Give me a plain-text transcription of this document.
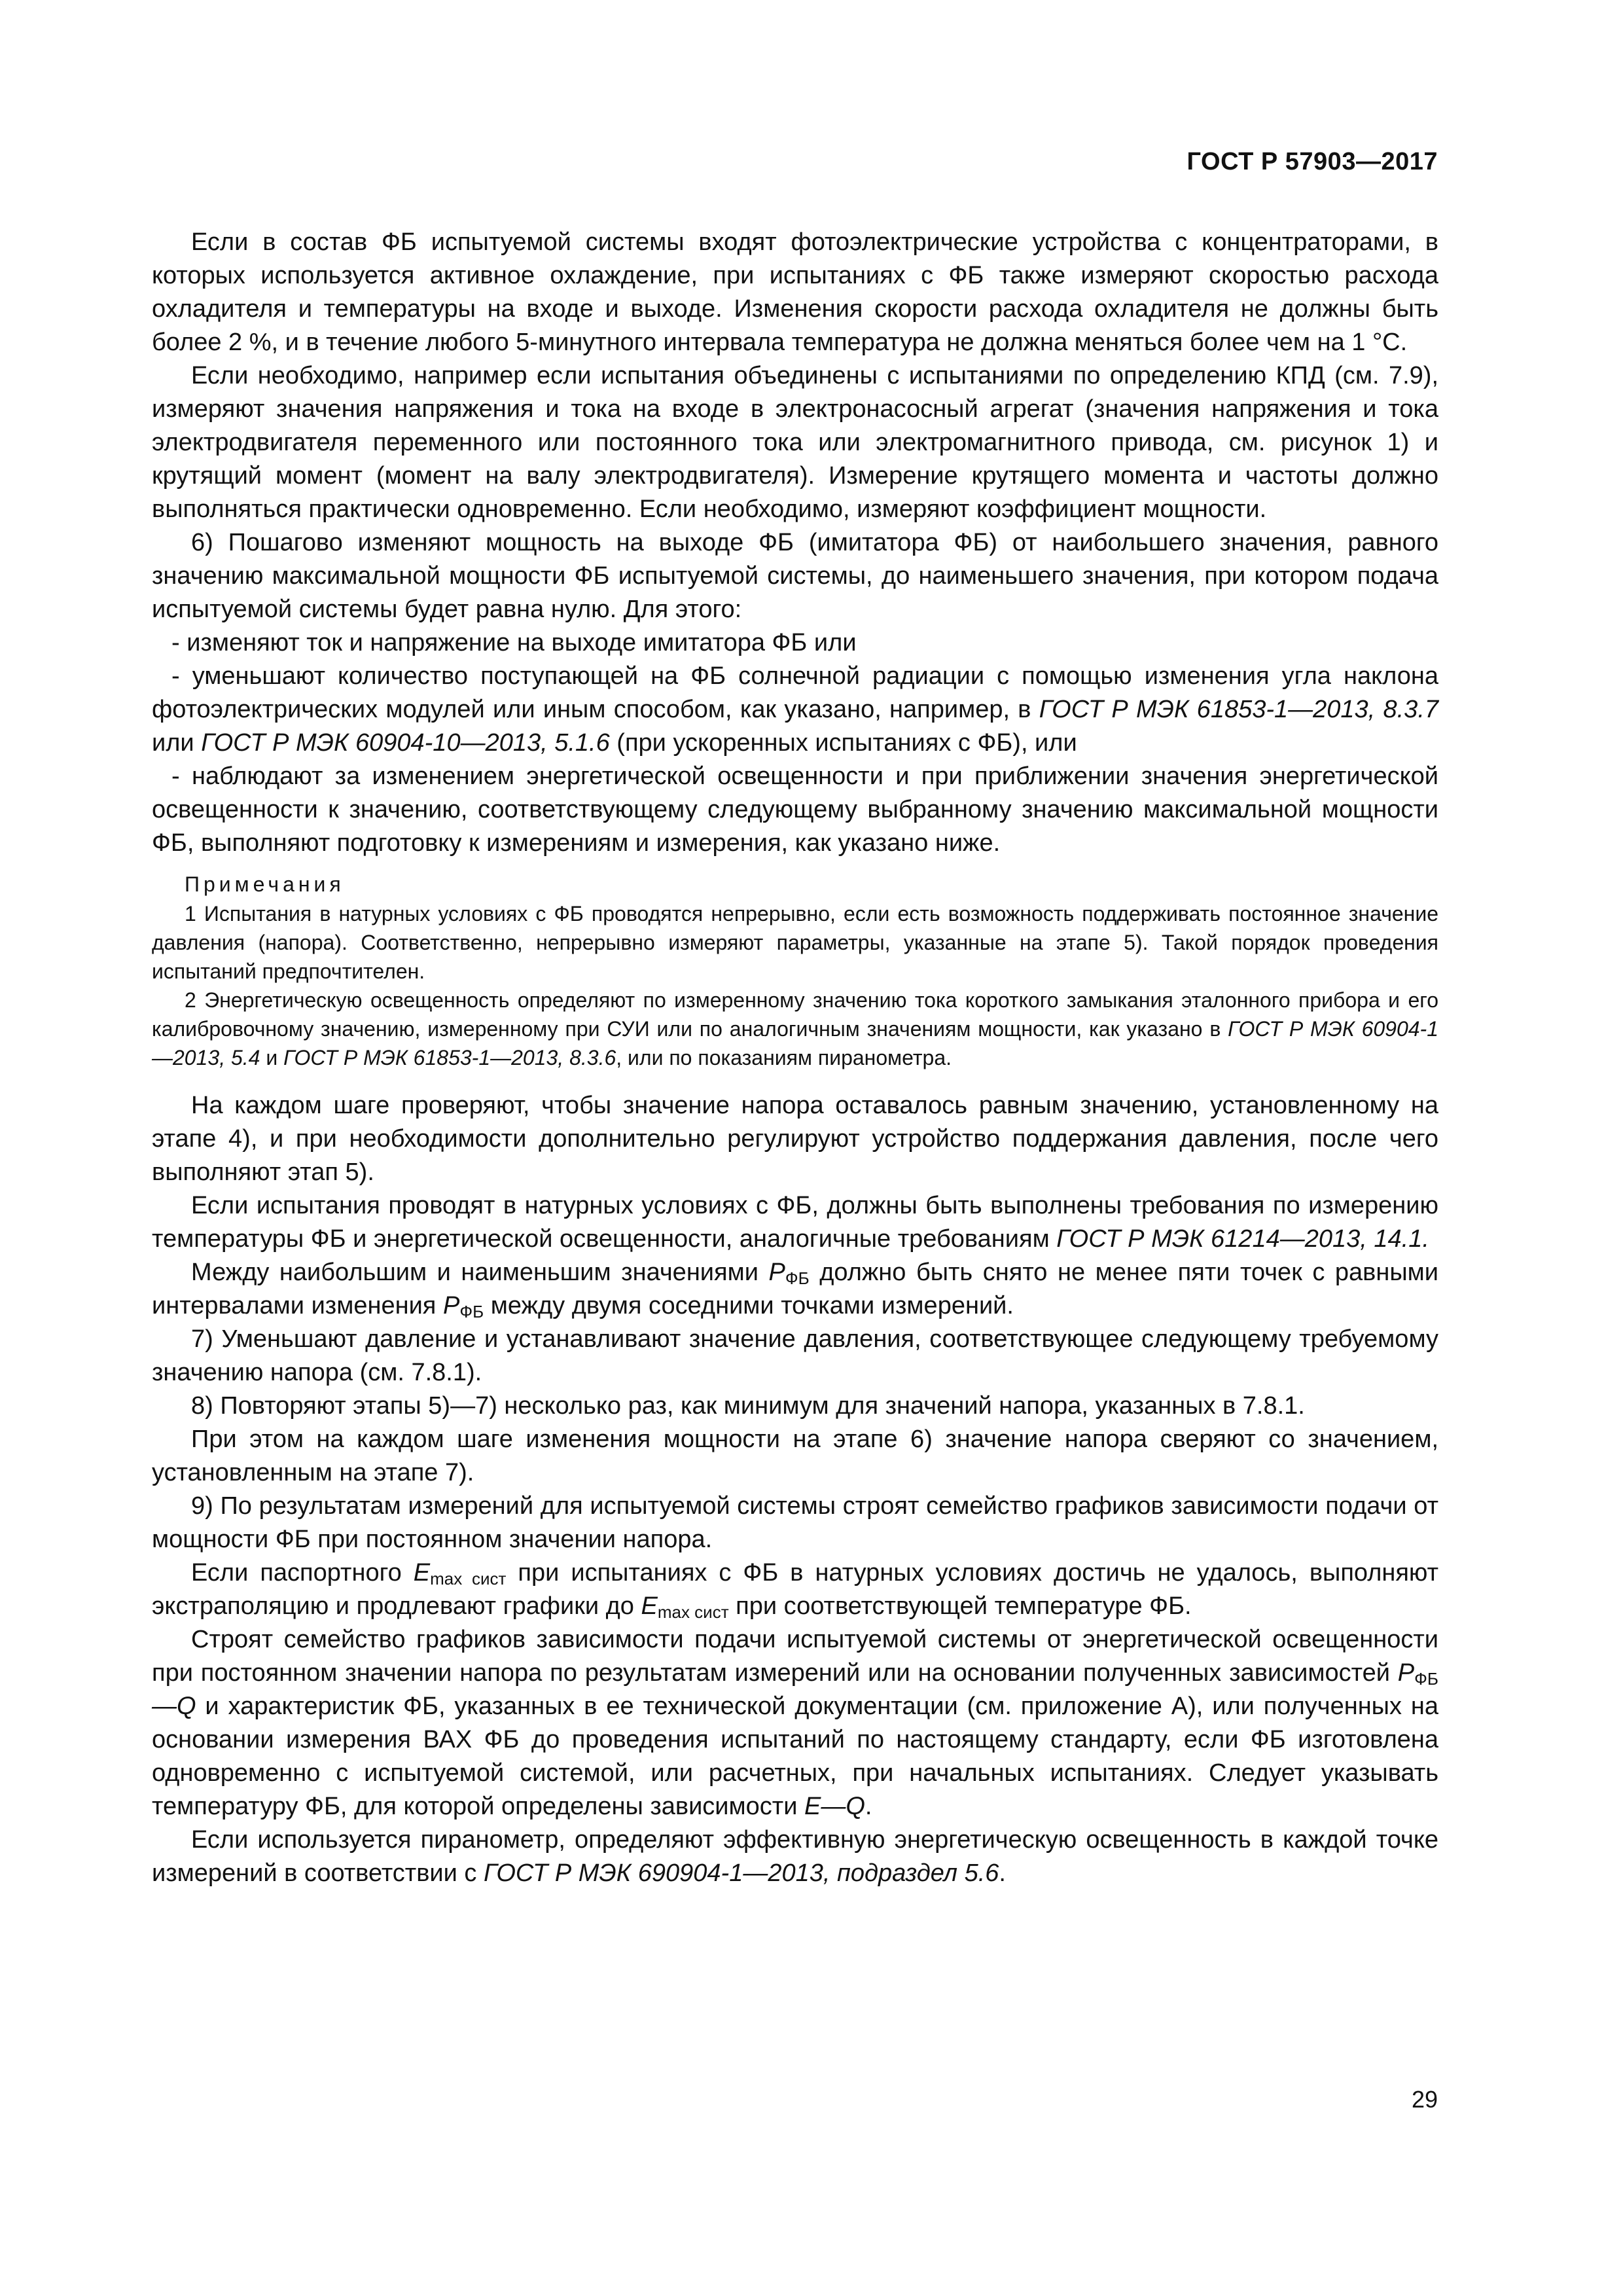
ГОСТ Р 57903—2017

Если в состав ФБ испытуемой системы входят фотоэлектрические устройства с концентраторами, в которых используется активное охлаждение, при испытаниях с ФБ также измеряют скоростью расхода охладителя и температуры на входе и выходе. Изменения скорости расхода охладителя не должны быть более 2 %, и в течение любого 5-минутного интервала температура не должна меняться более чем на 1 °С.

Если необходимо, например если испытания объединены с испытаниями по определению КПД (см. 7.9), измеряют значения напряжения и тока на входе в электронасосный агрегат (значения напряжения и тока электродвигателя переменного или постоянного тока или электромагнитного привода, см. рисунок 1) и крутящий момент (момент на валу электродвигателя). Измерение крутящего момента и частоты должно выполняться практически одновременно. Если необходимо, измеряют коэффициент мощности.

6) Пошагово изменяют мощность на выходе ФБ (имитатора ФБ) от наибольшего значения, равного значению максимальной мощности ФБ испытуемой системы, до наименьшего значения, при котором подача испытуемой системы будет равна нулю. Для этого:

- изменяют ток и напряжение на выходе имитатора ФБ или

- уменьшают количество поступающей на ФБ солнечной радиации с помощью изменения угла наклона фотоэлектрических модулей или иным способом, как указано, например, в ГОСТ Р МЭК 61853-1—2013, 8.3.7 или ГОСТ Р МЭК 60904-10—2013, 5.1.6 (при ускоренных испытаниях с ФБ), или

- наблюдают за изменением энергетической освещенности и при приближении значения энергетической освещенности к значению, соответствующему следующему выбранному значению максимальной мощности ФБ, выполняют подготовку к измерениям и измерения, как указано ниже.

Примечания

1 Испытания в натурных условиях с ФБ проводятся непрерывно, если есть возможность поддерживать постоянное значение давления (напора). Соответственно, непрерывно измеряют параметры, указанные на этапе 5). Такой порядок проведения испытаний предпочтителен.

2 Энергетическую освещенность определяют по измеренному значению тока короткого замыкания эталонного прибора и его калибровочному значению, измеренному при СУИ или по аналогичным значениям мощности, как указано в ГОСТ Р МЭК 60904-1—2013, 5.4 и ГОСТ Р МЭК 61853-1—2013, 8.3.6, или по показаниям пиранометра.

На каждом шаге проверяют, чтобы значение напора оставалось равным значению, установленному на этапе 4), и при необходимости дополнительно регулируют устройство поддержания давления, после чего выполняют этап 5).

Если испытания проводят в натурных условиях с ФБ, должны быть выполнены требования по измерению температуры ФБ и энергетической освещенности, аналогичные требованиям ГОСТ Р МЭК 61214—2013, 14.1.

Между наибольшим и наименьшим значениями $P_{ФБ}$ должно быть снято не менее пяти точек с равными интервалами изменения $P_{ФБ}$ между двумя соседними точками измерений.

7) Уменьшают давление и устанавливают значение давления, соответствующее следующему требуемому значению напора (см. 7.8.1).

8) Повторяют этапы 5)—7) несколько раз, как минимум для значений напора, указанных в 7.8.1.

При этом на каждом шаге изменения мощности на этапе 6) значение напора сверяют со значением, установленным на этапе 7).

9) По результатам измерений для испытуемой системы строят семейство графиков зависимости подачи от мощности ФБ при постоянном значении напора.

Если паспортного $E_{max сист}$ при испытаниях с ФБ в натурных условиях достичь не удалось, выполняют экстраполяцию и продлевают графики до $E_{max сист}$ при соответствующей температуре ФБ.

Строят семейство графиков зависимости подачи испытуемой системы от энергетической освещенности при постоянном значении напора по результатам измерений или на основании полученных зависимостей $P_{ФБ}—Q$ и характеристик ФБ, указанных в ее технической документации (см. приложение А), или полученных на основании измерения ВАХ ФБ до проведения испытаний по настоящему стандарту, если ФБ изготовлена одновременно с испытуемой системой, или расчетных, при начальных испытаниях. Следует указывать температуру ФБ, для которой определены зависимости E—Q.

Если используется пиранометр, определяют эффективную энергетическую освещенность в каждой точке измерений в соответствии с ГОСТ Р МЭК 690904-1—2013, подраздел 5.6.

29
